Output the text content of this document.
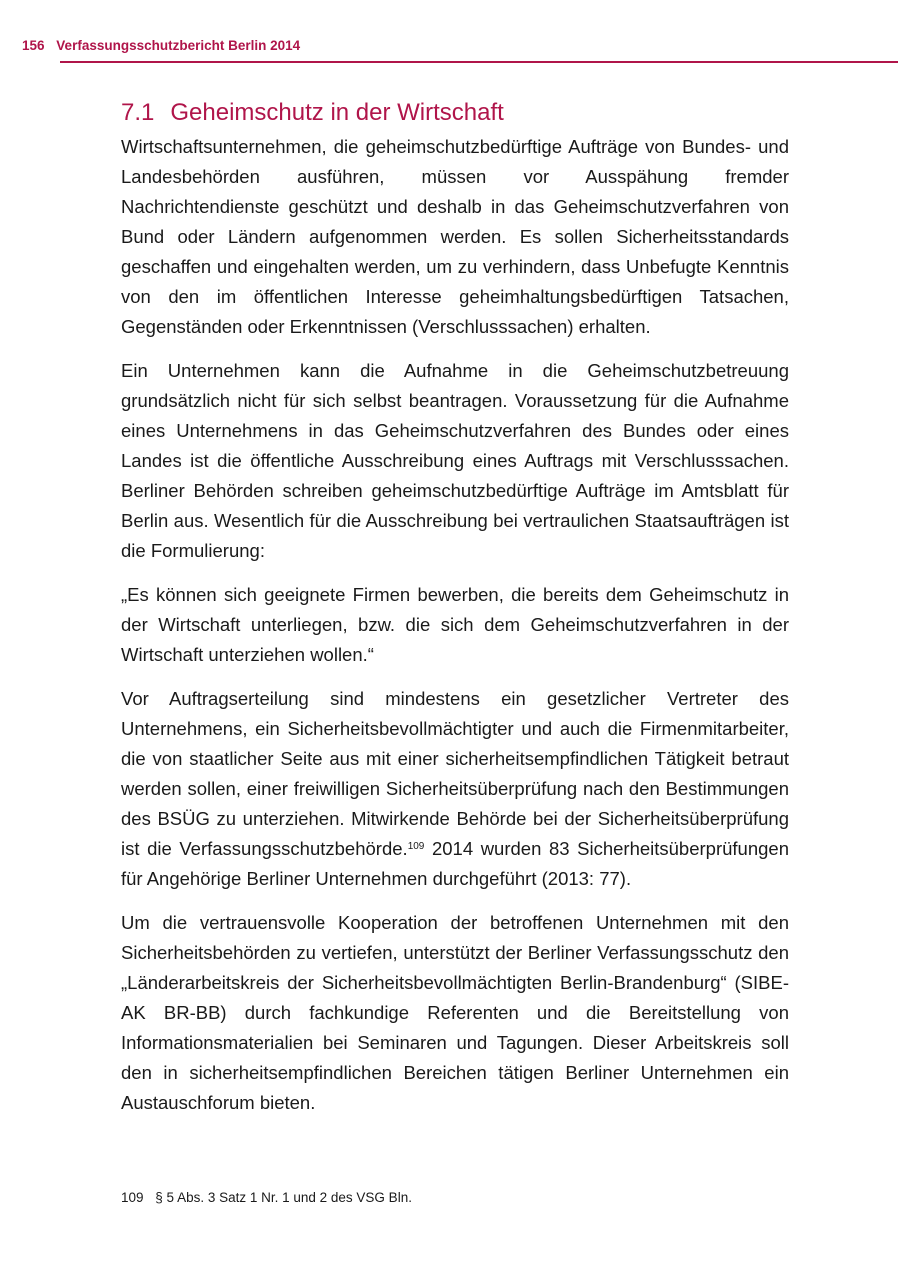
156 Verfassungsschutzbericht Berlin 2014
7.1 Geheimschutz in der Wirtschaft

Wirtschaftsunternehmen, die geheimschutzbedürftige Aufträge von Bundes- und Landesbehörden ausführen, müssen vor Ausspähung fremder Nachrichtendienste geschützt und deshalb in das Geheimschutzverfahren von Bund oder Ländern aufgenommen werden. Es sollen Sicherheitsstandards geschaffen und eingehalten werden, um zu verhindern, dass Unbefugte Kenntnis von den im öffentlichen Interesse geheimhaltungsbedürftigen Tatsachen, Gegenständen oder Erkenntnissen (Verschlusssachen) erhalten.

Ein Unternehmen kann die Aufnahme in die Geheimschutzbetreuung grundsätzlich nicht für sich selbst beantragen. Voraussetzung für die Aufnahme eines Unternehmens in das Geheimschutzverfahren des Bundes oder eines Landes ist die öffentliche Ausschreibung eines Auftrags mit Verschlusssachen. Berliner Behörden schreiben geheimschutzbedürftige Aufträge im Amtsblatt für Berlin aus. Wesentlich für die Ausschreibung bei vertraulichen Staatsaufträgen ist die Formulierung:

„Es können sich geeignete Firmen bewerben, die bereits dem Geheimschutz in der Wirtschaft unterliegen, bzw. die sich dem Geheimschutzverfahren in der Wirtschaft unterziehen wollen.“

Vor Auftragserteilung sind mindestens ein gesetzlicher Vertreter des Unternehmens, ein Sicherheitsbevollmächtigter und auch die Firmenmitarbeiter, die von staatlicher Seite aus mit einer sicherheitsempfindlichen Tätigkeit betraut werden sollen, einer freiwilligen Sicherheitsüberprüfung nach den Bestimmungen des BSÜG zu unterziehen. Mitwirkende Behörde bei der Sicherheitsüberprüfung ist die Verfassungsschutzbehörde.$^{109}$ 2014 wurden 83 Sicherheitsüberprüfungen für Angehörige Berliner Unternehmen durchgeführt (2013: 77).

Um die vertrauensvolle Kooperation der betroffenen Unternehmen mit den Sicherheitsbehörden zu vertiefen, unterstützt der Berliner Verfassungsschutz den „Länderarbeitskreis der Sicherheitsbevollmächtigten Berlin-Brandenburg“ (SIBE-AK BR-BB) durch fachkundige Referenten und die Bereitstellung von Informationsmaterialien bei Seminaren und Tagungen. Dieser Arbeitskreis soll den in sicherheitsempfindlichen Bereichen tätigen Berliner Unternehmen ein Austauschforum bieten.

109 § 5 Abs. 3 Satz 1 Nr. 1 und 2 des VSG Bln.
